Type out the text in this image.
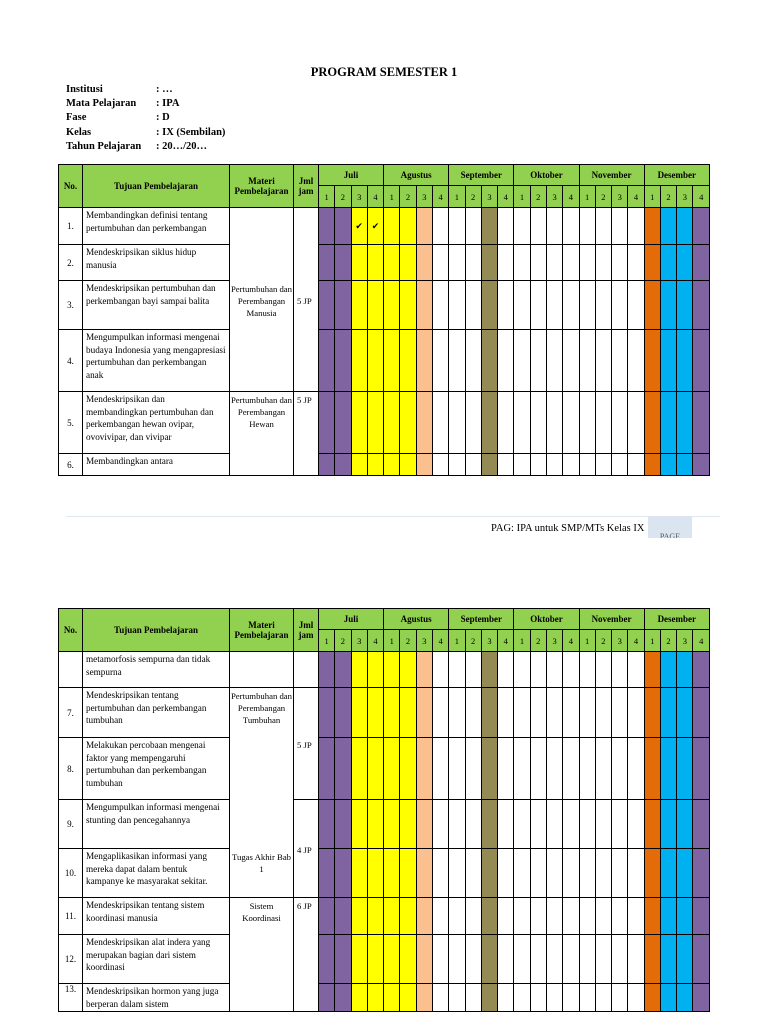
PROGRAM SEMESTER 1
Institusi	: …
Mata Pelajaran	: IPA
Fase	: D
Kelas	: IX (Sembilan)
Tahun Pelajaran	: 20…/20…
No.	Tujuan Pembelajaran	Materi Pembelajaran	Jml jam	Juli				Agustus				September				Oktober				November				Desember			
				1	2	3	4	1	2	3	4	1	2	3	4	1	2	3	4	1	2	3	4	1	2	3	4
1.	Membandingkan definisi tentang pertumbuhan dan perkembangan	Pertumbuhan dan Perembangan Manusia	5 JP			✔	✔																				
2.	Mendeskripsikan siklus hidup manusia																										
3.	Mendeskripsikan pertumbuhan dan perkembangan bayi sampai balita																										
4.	Mengumpulkan informasi mengenai budaya Indonesia yang mengapresiasi pertumbuhan dan perkembangan anak																										
5.	Mendeskripsikan dan membandingkan pertumbuhan dan perkembangan hewan ovipar, ovovivipar, dan vivipar	Pertumbuhan dan Perembangan Hewan	5 JP																								
6.	Membandingkan antara																										
PAG: IPA untuk SMP/MTs Kelas IX
PAGE
No.	Tujuan Pembelajaran	Materi Pembelajaran	Jml jam	Juli				Agustus				September				Oktober				November				Desember			
				1	2	3	4	1	2	3	4	1	2	3	4	1	2	3	4	1	2	3	4	1	2	3	4
	metamorfosis sempurna dan tidak sempurna																										
7.	Mendeskripsikan tentang pertumbuhan dan perkembangan tumbuhan	Pertumbuhan dan Perembangan Tumbuhan	5 JP																								
8.	Melakukan percobaan mengenai faktor yang mempengaruhi pertumbuhan dan perkembangan tumbuhan																										
9.	Mengumpulkan informasi mengenai stunting dan pencegahannya	Tugas Akhir Bab 1	4 JP																								
10.	Mengaplikasikan informasi yang mereka dapat dalam bentuk kampanye ke masyarakat sekitar.																										
11.	Mendeskripsikan tentang sistem koordinasi manusia	Sistem Koordinasi	6 JP																								
12.	Mendeskripsikan alat indera yang merupakan bagian dari sistem koordinasi																										
13.	Mendeskripsikan hormon yang juga berperan dalam sistem																										
